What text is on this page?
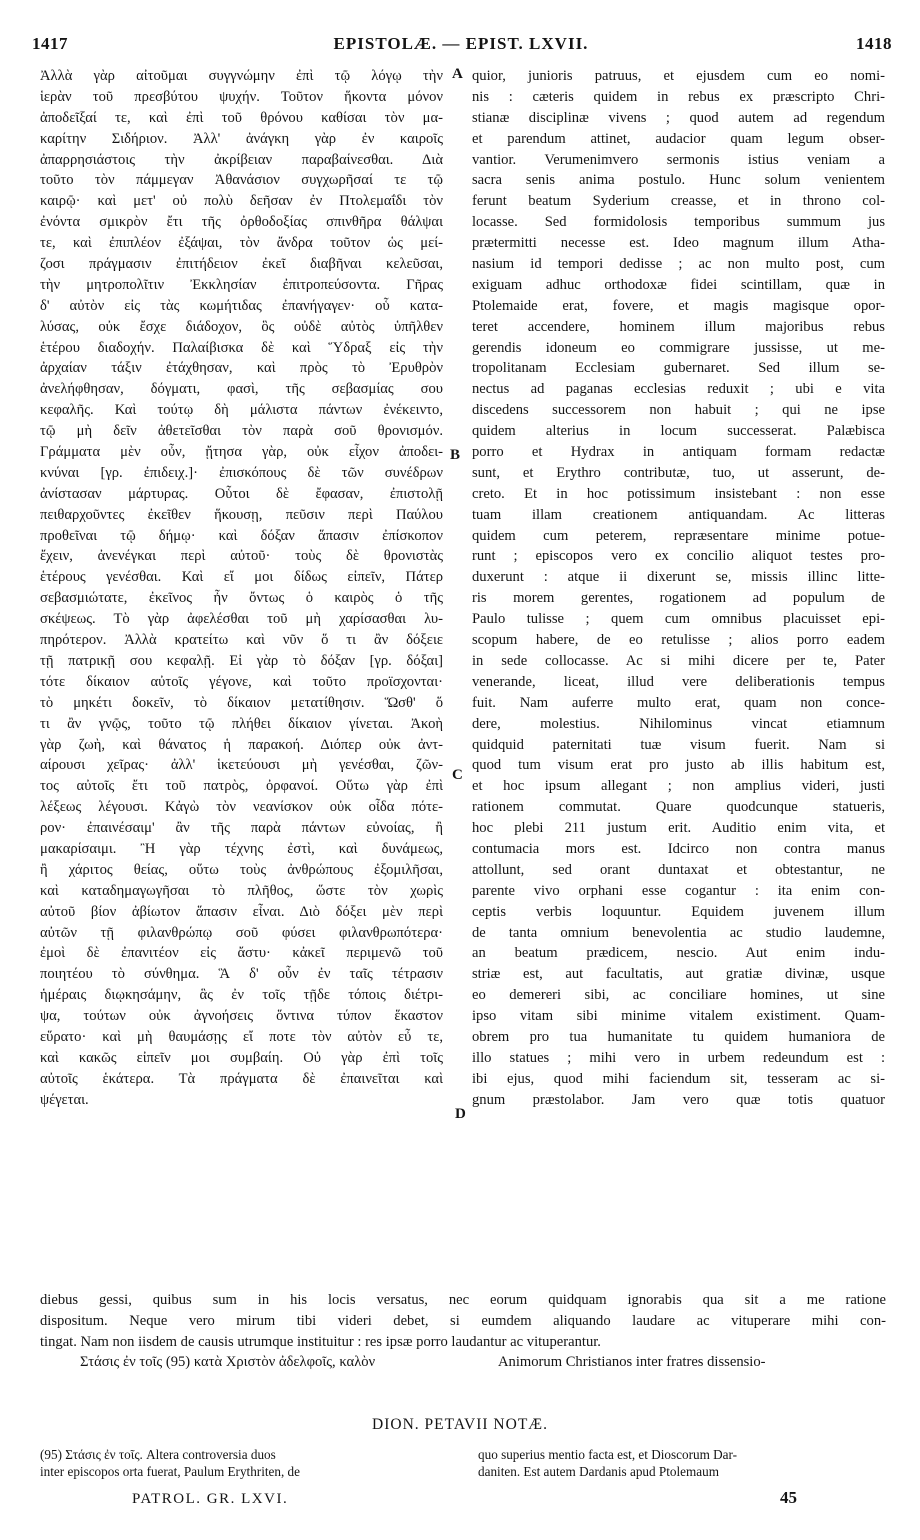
1417	EPISTOLÆ. — EPIST. LXVII.	1418
Ἀλλὰ γὰρ αἰτοῦμαι συγγνώμην ἐπὶ τῷ λόγῳ τὴν
ἱερὰν τοῦ πρεσβύτου ψυχήν. Τοῦτον ἥκοντα μόνον
ἀποδεῖξαί τε, καὶ ἐπὶ τοῦ θρόνου καθίσαι τὸν μα-
καρίτην Σιδήριον. Ἀλλ' ἀνάγκη γὰρ ἐν καιροῖς
ἀπαρρησιάστοις τὴν ἀκρίβειαν παραβαίνεσθαι. Διὰ
τοῦτο τὸν πάμμεγαν Ἀθανάσιον συγχωρῆσαί τε τῷ
καιρῷ· καὶ μετ' οὐ πολὺ δεῆσαν ἐν Πτολεμαΐδι τὸν
ἐνόντα σμικρὸν ἔτι τῆς ὀρθοδοξίας σπινθῆρα θάλψαι
τε, καὶ ἐπιπλέον ἐξάψαι, τὸν ἄνδρα τοῦτον ὡς μεί-
ζοσι πράγμασιν ἐπιτήδειον ἐκεῖ διαβῆναι κελεῦσαι,
τὴν μητροπολῖτιν Ἐκκλησίαν ἐπιτροπεύσοντα. Γῆρας
δ' αὐτὸν εἰς τὰς κωμήτιδας ἐπανήγαγεν· οὗ κατα-
λύσας, οὐκ ἔσχε διάδοχον, ὃς οὐδὲ αὐτὸς ὑπῆλθεν
ἑτέρου διαδοχήν. Παλαίβισκα δὲ καὶ Ὕδραξ εἰς τὴν
ἀρχαίαν τάξιν ἐτάχθησαν, καὶ πρὸς τὸ Ἐρυθρὸν
ἀνελήφθησαν, δόγματι, φασὶ, τῆς σεβασμίας σου
κεφαλῆς. Καὶ τούτῳ δὴ μάλιστα πάντων ἐνέκειντο,
τῷ μὴ δεῖν ἀθετεῖσθαι τὸν παρὰ σοῦ θρονισμόν.
Γράμματα μὲν οὖν, ᾔτησα γὰρ, οὐκ εἶχον ἀποδει-
κνύναι [γρ. ἐπιδειχ.]· ἐπισκόπους δὲ τῶν συνέδρων
ἀνίστασαν μάρτυρας. Οὗτοι δὲ ἔφασαν, ἐπιστολῇ
πειθαρχοῦντες ἐκεῖθεν ἥκουσῃ, πεῦσιν περὶ Παύλου
προθεῖναι τῷ δήμῳ· καὶ δόξαν ἅπασιν ἐπίσκοπον
ἔχειν, ἀνενέγκαι περὶ αὐτοῦ· τοὺς δὲ θρονιστὰς
ἑτέρους γενέσθαι. Καὶ εἴ μοι δίδως εἰπεῖν, Πάτερ
σεβασμιώτατε, ἐκεῖνος ἦν ὄντως ὁ καιρὸς ὁ τῆς
σκέψεως. Τὸ γὰρ ἀφελέσθαι τοῦ μὴ χαρίσασθαι λυ-
πηρότερον. Ἀλλὰ κρατείτω καὶ νῦν ὅ τι ἂν δόξειε
τῇ πατρικῇ σου κεφαλῇ. Εἰ γὰρ τὸ δόξαν [γρ. δόξαι]
τότε δίκαιον αὐτοῖς γέγονε, καὶ τοῦτο προϊσχονται·
τὸ μηκέτι δοκεῖν, τὸ δίκαιον μετατίθησιν. Ὥσθ' ὅ
τι ἂν γνῷς, τοῦτο τῷ πλήθει δίκαιον γίνεται. Ἀκοὴ
γὰρ ζωὴ, καὶ θάνατος ἡ παρακοή. Διόπερ οὐκ ἀντ-
αίρουσι χεῖρας· ἀλλ' ἱκετεύουσι μὴ γενέσθαι, ζῶν-
τος αὐτοῖς ἔτι τοῦ πατρὸς, ὀρφανοί. Οὕτω γὰρ ἐπὶ
λέξεως λέγουσι. Κἀγὼ τὸν νεανίσκον οὐκ οἶδα πότε-
ρον· ἐπαινέσαιμ' ἂν τῆς παρὰ πάντων εὐνοίας, ἢ
μακαρίσαιμι. Ἢ γὰρ τέχνης ἐστὶ, καὶ δυνάμεως,
ἢ χάριτος θείας, οὕτω τοὺς ἀνθρώπους ἐξομιλῆσαι,
καὶ καταδημαγωγῆσαι τὸ πλῆθος, ὥστε τὸν χωρὶς
αὐτοῦ βίον ἀβίωτον ἅπασιν εἶναι. Διὸ δόξει μὲν περὶ
αὐτῶν τῇ φιλανθρώπῳ σοῦ φύσει φιλανθρωπότερα·
ἐμοὶ δὲ ἐπανιτέον εἰς ἄστυ· κἀκεῖ περιμενῶ τοῦ
ποιητέου τὸ σύνθημα. Ἃ δ' οὖν ἐν ταῖς τέτρασιν
ἡμέραις διῳκησάμην, ἃς ἐν τοῖς τῇδε τόποις διέτρι-
ψα, τούτων οὐκ ἀγνοήσεις ὅντινα τύπον ἕκαστον
εὕρατο· καὶ μὴ θαυμάσῃς εἴ ποτε τὸν αὐτὸν εὖ τε,
καὶ κακῶς εἰπεῖν μοι συμβαίη. Οὐ γὰρ ἐπὶ τοῖς
αὐτοῖς ἑκάτερα. Τὰ πράγματα δὲ ἐπαινεῖται καὶ
ψέγεται.
quior, junioris patruus, et ejusdem cum eo nomi-
nis : cæteris quidem in rebus ex præscripto Chri-
stianæ disciplinæ vivens ; quod autem ad regendum
et parendum attinet, audacior quam legum obser-
vantior. Verumenimvero sermonis istius veniam a
sacra senis anima postulo. Hunc solum venientem
ferunt beatum Syderium creasse, et in throno col-
locasse. Sed formidolosis temporibus summum jus
prætermitti necesse est. Ideo magnum illum Atha-
nasium id tempori dedisse ; ac non multo post, cum
exiguam adhuc orthodoxæ fidei scintillam, quæ in
Ptolemaide erat, fovere, et magis magisque opor-
teret accendere, hominem illum majoribus rebus
gerendis idoneum eo commigrare jussisse, ut me-
tropolitanam Ecclesiam gubernaret. Sed illum se-
nectus ad paganas ecclesias reduxit ; ubi e vita
discedens successorem non habuit ; qui ne ipse
quidem alterius in locum successerat. Palæbisca
porro et Hydrax in antiquam formam redactæ
sunt, et Erythro contributæ, tuo, ut asserunt, de-
creto. Et in hoc potissimum insistebant : non esse
tuam illam creationem antiquandam. Ac litteras
quidem cum peterem, repræsentare minime potue-
runt ; episcopos vero ex concilio aliquot testes pro-
duxerunt : atque ii dixerunt se, missis illinc litte-
ris morem gerentes, rogationem ad populum de
Paulo tulisse ; quem cum omnibus placuisset epi-
scopum habere, de eo retulisse ; alios porro eadem
in sede collocasse. Ac si mihi dicere per te, Pater
venerande, liceat, illud vere deliberationis tempus
fuit. Nam auferre multo erat, quam non conce-
dere, molestius. Nihilominus vincat etiamnum
quidquid paternitati tuæ visum fuerit. Nam si
quod tum visum erat pro justo ab illis habitum est,
et hoc ipsum allegant ; non amplius videri, justi
rationem commutat. Quare quodcunque statueris,
hoc plebi 211 justum erit. Auditio enim vita, et
contumacia mors est. Idcirco non contra manus
attollunt, sed orant duntaxat et obtestantur, ne
parente vivo orphani esse cogantur : ita enim con-
ceptis verbis loquuntur. Equidem juvenem illum
de tanta omnium benevolentia ac studio laudemne,
an beatum prædicem, nescio. Aut enim indu-
striæ est, aut facultatis, aut gratiæ divinæ, usque
eo demereri sibi, ac conciliare homines, ut sine
ipso vitam sibi minime vitalem existiment. Quam-
obrem pro tua humanitate tu quidem humaniora de
illo statues ; mihi vero in urbem redeundum est :
ibi ejus, quod mihi faciendum sit, tesseram ac si-
gnum præstolabor. Jam vero quæ totis quatuor
A
B
C
D
diebus gessi, quibus sum in his locis versatus, nec eorum quidquam ignorabis qua sit a me ratione
dispositum. Neque vero mirum tibi videri debet, si eumdem aliquando laudare ac vituperare mihi con-
tingat. Nam non iisdem de causis utrumque instituitur : res ipsæ porro laudantur ac vituperantur.
Στάσις ἐν τοῖς (95) κατὰ Χριστὸν ἀδελφοῖς, καλὸν	Animorum Christianos inter fratres dissensio-
DION. PETAVII NOTÆ.
(95) Στάσις ἐν τοῖς. Altera controversia duos
inter episcopos orta fuerat, Paulum Erythriten, de
quo superius mentio facta est, et Dioscorum Dar-
daniten. Est autem Dardanis apud Ptolemaum
PATROL. GR. LXVI.	45
